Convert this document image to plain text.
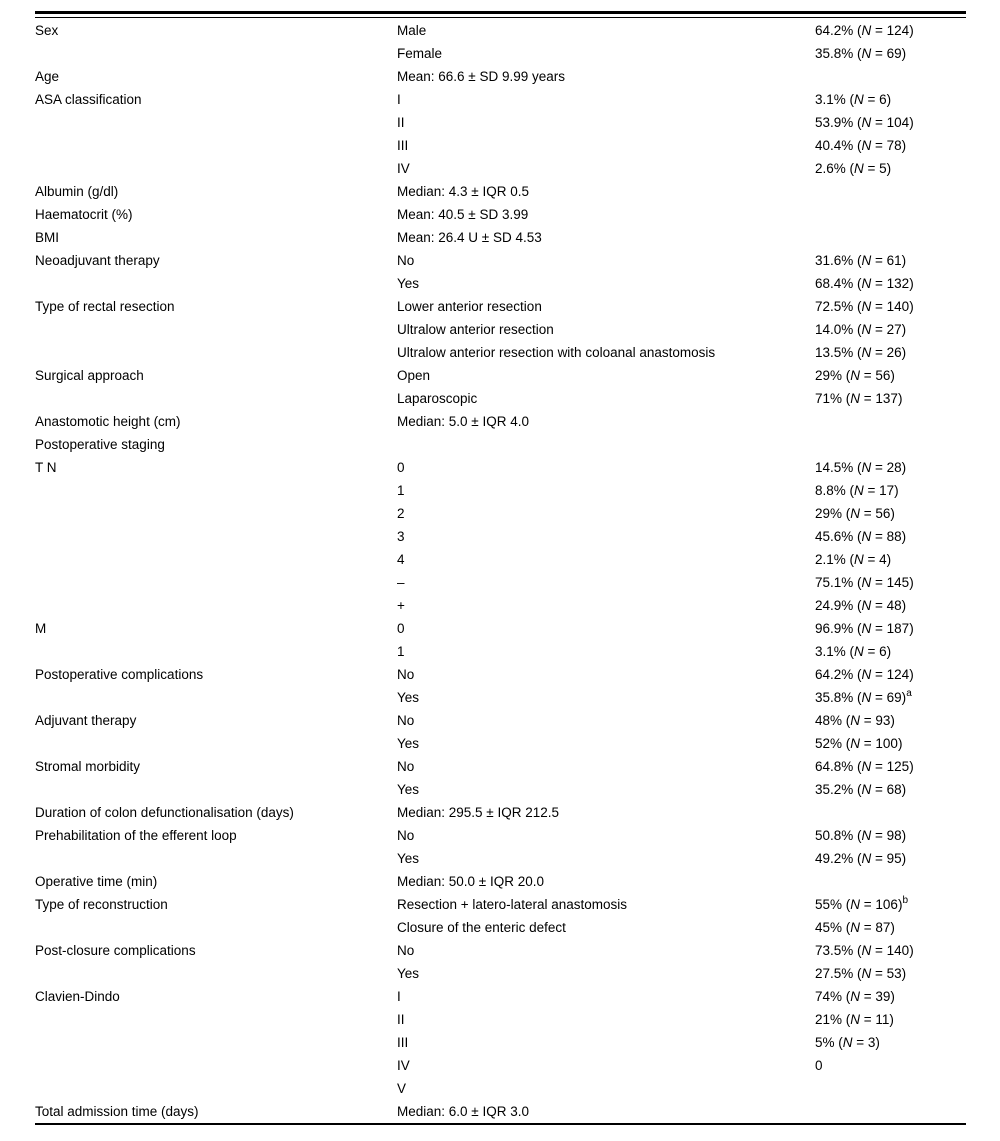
Sex	Male	64.2% (N = 124)
	Female	35.8% (N = 69)
Age	Mean: 66.6 ± SD 9.99 years	
ASA classification	I	3.1% (N = 6)
	II	53.9% (N = 104)
	III	40.4% (N = 78)
	IV	2.6% (N = 5)
Albumin (g/dl)	Median: 4.3 ± IQR 0.5	
Haematocrit (%)	Mean: 40.5 ± SD 3.99	
BMI	Mean: 26.4 U ± SD 4.53	
Neoadjuvant therapy	No	31.6% (N = 61)
	Yes	68.4% (N = 132)
Type of rectal resection	Lower anterior resection	72.5% (N = 140)
	Ultralow anterior resection	14.0% (N = 27)
	Ultralow anterior resection with coloanal anastomosis	13.5% (N = 26)
Surgical approach	Open	29% (N = 56)
	Laparoscopic	71% (N = 137)
Anastomotic height (cm)	Median: 5.0 ± IQR 4.0	
Postoperative staging		
T N	0	14.5% (N = 28)
	1	8.8% (N = 17)
	2	29% (N = 56)
	3	45.6% (N = 88)
	4	2.1% (N = 4)
	–	75.1% (N = 145)
	+	24.9% (N = 48)
M	0	96.9% (N = 187)
	1	3.1% (N = 6)
Postoperative complications	No	64.2% (N = 124)
	Yes	35.8% (N = 69)$^a$
Adjuvant therapy	No	48% (N = 93)
	Yes	52% (N = 100)
Stromal morbidity	No	64.8% (N = 125)
	Yes	35.2% (N = 68)
Duration of colon defunctionalisation (days)	Median: 295.5 ± IQR 212.5	
Prehabilitation of the efferent loop	No	50.8% (N = 98)
	Yes	49.2% (N = 95)
Operative time (min)	Median: 50.0 ± IQR 20.0	
Type of reconstruction	Resection + latero-lateral anastomosis	55% (N = 106)$^b$
	Closure of the enteric defect	45% (N = 87)
Post-closure complications	No	73.5% (N = 140)
	Yes	27.5% (N = 53)
Clavien-Dindo	I	74% (N = 39)
	II	21% (N = 11)
	III	5% (N = 3)
	IV	0
	V	
Total admission time (days)	Median: 6.0 ± IQR 3.0	
